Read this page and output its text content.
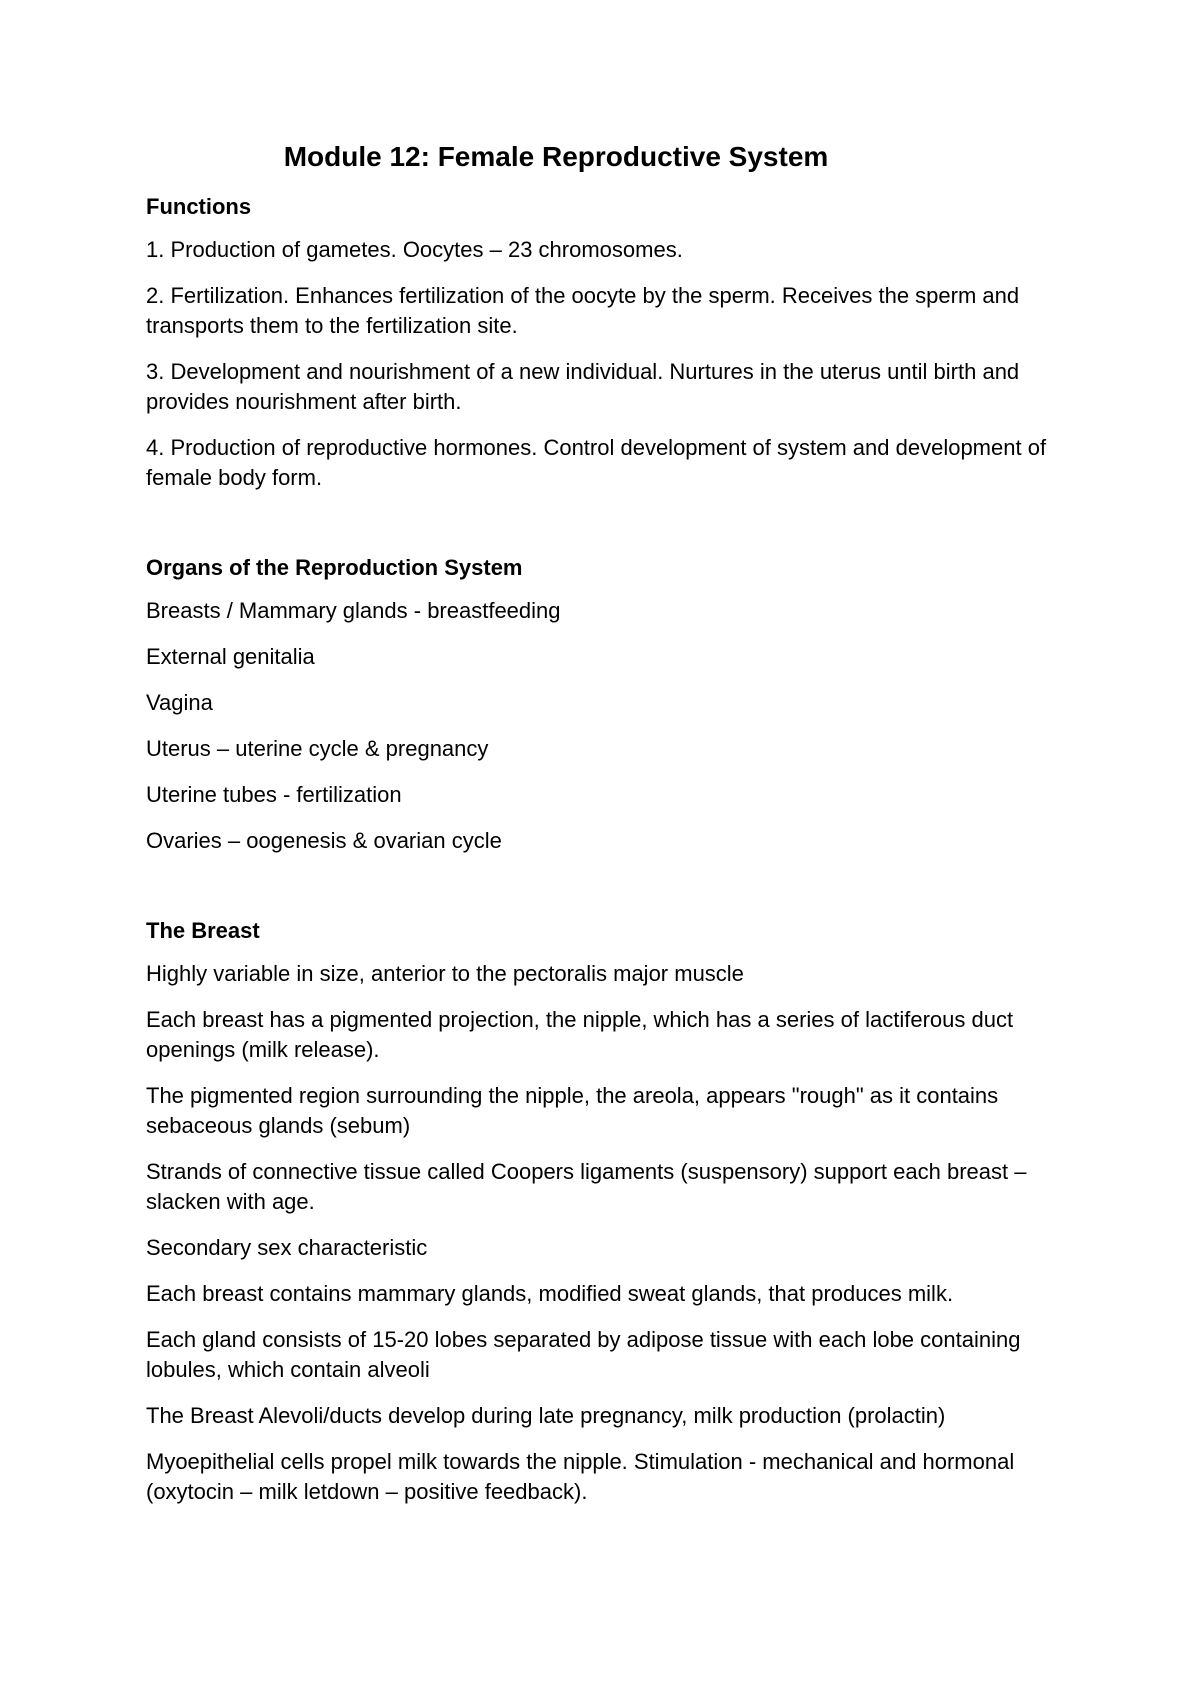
Module 12: Female Reproductive System
Functions

1. Production of gametes. Oocytes – 23 chromosomes.

2. Fertilization. Enhances fertilization of the oocyte by the sperm. Receives the sperm and transports them to the fertilization site.

3. Development and nourishment of a new individual. Nurtures in the uterus until birth and provides nourishment after birth.

4. Production of reproductive hormones. Control development of system and development of female body form.

Organs of the Reproduction System

Breasts / Mammary glands - breastfeeding

External genitalia

Vagina

Uterus – uterine cycle & pregnancy

Uterine tubes - fertilization

Ovaries – oogenesis & ovarian cycle

The Breast

Highly variable in size, anterior to the pectoralis major muscle

Each breast has a pigmented projection, the nipple, which has a series of lactiferous duct openings (milk release).

The pigmented region surrounding the nipple, the areola, appears "rough" as it contains sebaceous glands (sebum)

Strands of connective tissue called Coopers ligaments (suspensory) support each breast – slacken with age.

Secondary sex characteristic

Each breast contains mammary glands, modified sweat glands, that produces milk.

Each gland consists of 15-20 lobes separated by adipose tissue with each lobe containing lobules, which contain alveoli

The Breast Alevoli/ducts develop during late pregnancy, milk production (prolactin)

Myoepithelial cells propel milk towards the nipple. Stimulation - mechanical and hormonal (oxytocin – milk letdown – positive feedback).
